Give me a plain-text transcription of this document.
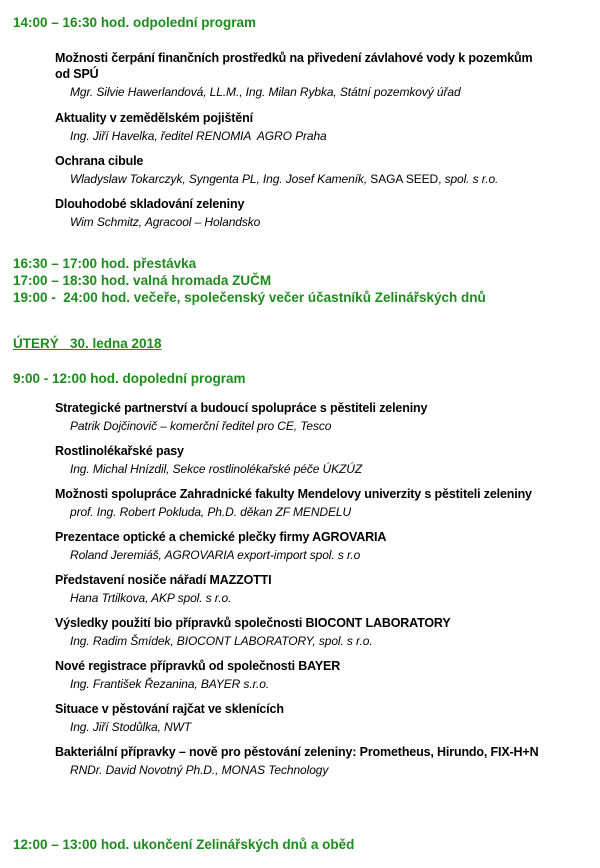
14:00 – 16:30 hod. odpolední program
Možnosti čerpání finančních prostředků na přivedení závlahové vody k pozemkům
od SPÚ
Mgr. Silvie Hawerlandová, LL.M., Ing. Milan Rybka, Státní pozemkový úřad
Aktuality v zemědělském pojištění
Ing. Jiří Havelka, ředitel RENOMIA  AGRO Praha
Ochrana cibule
Wladyslaw Tokarczyk, Syngenta PL, Ing. Josef Kameník, SAGA SEED, spol. s r.o.
Dlouhodobé skladování zeleniny
Wim Schmitz, Agracool – Holandsko
16:30 – 17:00 hod. přestávka
17:00 – 18:30 hod. valná hromada ZUČM
19:00 -  24:00 hod. večeře, společenský večer účastníků Zelinářských dnů
ÚTERÝ   30. ledna 2018
9:00 - 12:00 hod. dopolední program
Strategické partnerství a budoucí spolupráce s pěstiteli zeleniny
Patrik Dojčinovič – komerční ředitel pro CE, Tesco
Rostlinolékařské pasy
Ing. Michal Hnízdil, Sekce rostlinolékařské péče ÚKZÚZ
Možnosti spolupráce Zahradnické fakulty Mendelovy univerzity s pěstiteli zeleniny
prof. Ing. Robert Pokluda, Ph.D. děkan ZF MENDELU
Prezentace optické a chemické plečky firmy AGROVARIA
Roland Jeremiáš, AGROVARIA export-import spol. s r.o
Představení nosiče nářadí MAZZOTTI
Hana Trtilkova, AKP spol. s r.o.
Výsledky použití bio přípravků společnosti BIOCONT LABORATORY
Ing. Radim Šmídek, BIOCONT LABORATORY, spol. s r.o.
Nové registrace přípravků od společnosti BAYER
Ing. František Řezanina, BAYER s.r.o.
Situace v pěstování rajčat ve sklenících
Ing. Jiří Stodůlka, NWT
Bakteriální přípravky – nově pro pěstování zeleniny: Prometheus, Hirundo, FIX-H+N
RNDr. David Novotný Ph.D., MONAS Technology
12:00 – 13:00 hod. ukončení Zelinářských dnů a oběd
